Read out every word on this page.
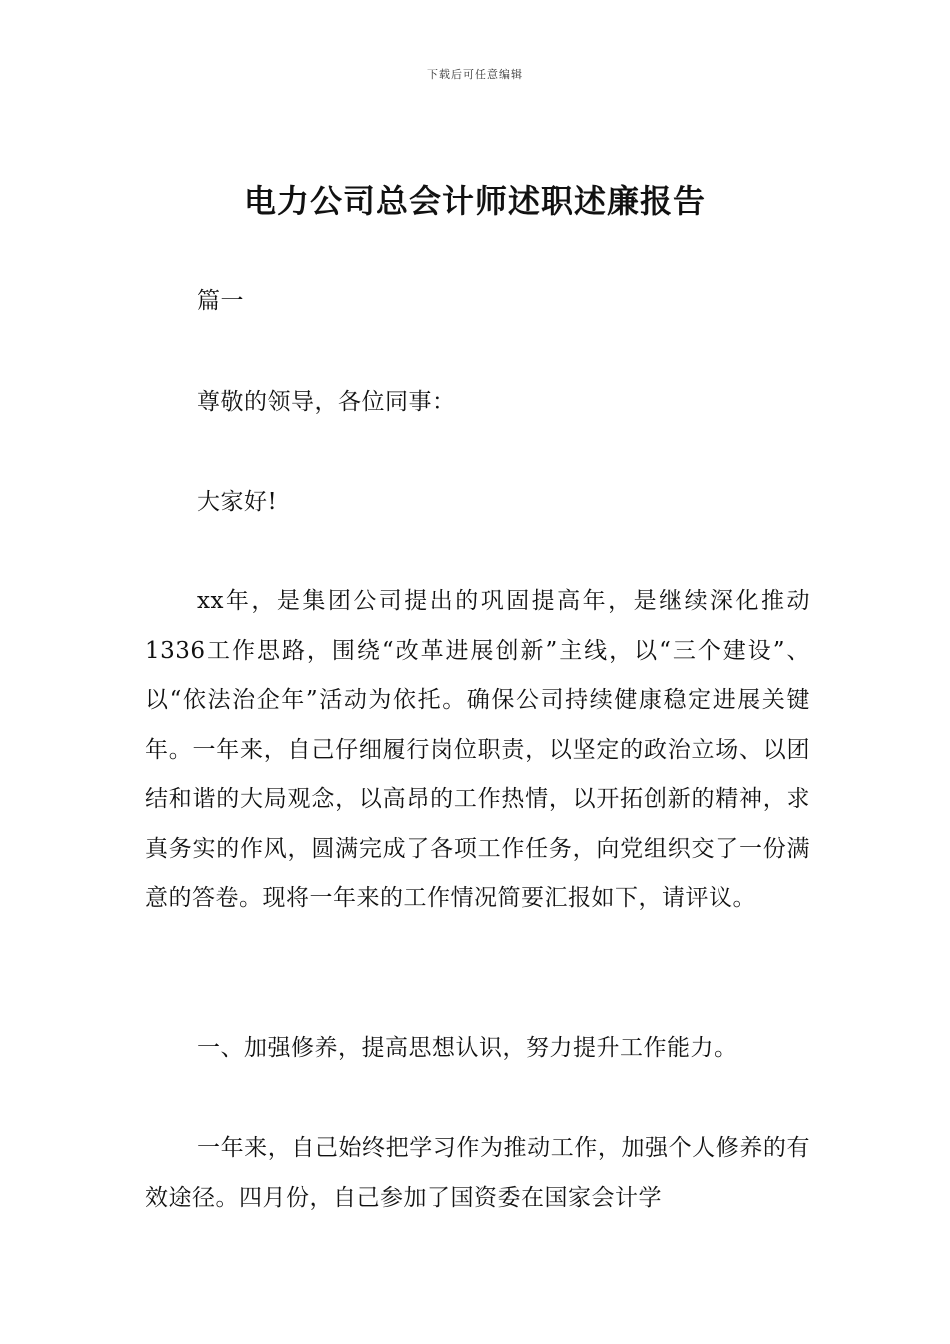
下载后可任意编辑
电力公司总会计师述职述廉报告

篇一

尊敬的领导，各位同事：

大家好!

xx年，是集团公司提出的巩固提高年，是继续深化推动1336工作思路，围绕“改革进展创新”主线，以“三个建设”、以“依法治企年”活动为依托。确保公司持续健康稳定进展关键年。一年来，自己仔细履行岗位职责，以坚定的政治立场、以团结和谐的大局观念，以高昂的工作热情，以开拓创新的精神，求真务实的作风，圆满完成了各项工作任务，向党组织交了一份满意的答卷。现将一年来的工作情况简要汇报如下，请评议。

一、加强修养，提高思想认识，努力提升工作能力。

一年来，自己始终把学习作为推动工作，加强个人修养的有效途径。四月份，自己参加了国资委在国家会计学
